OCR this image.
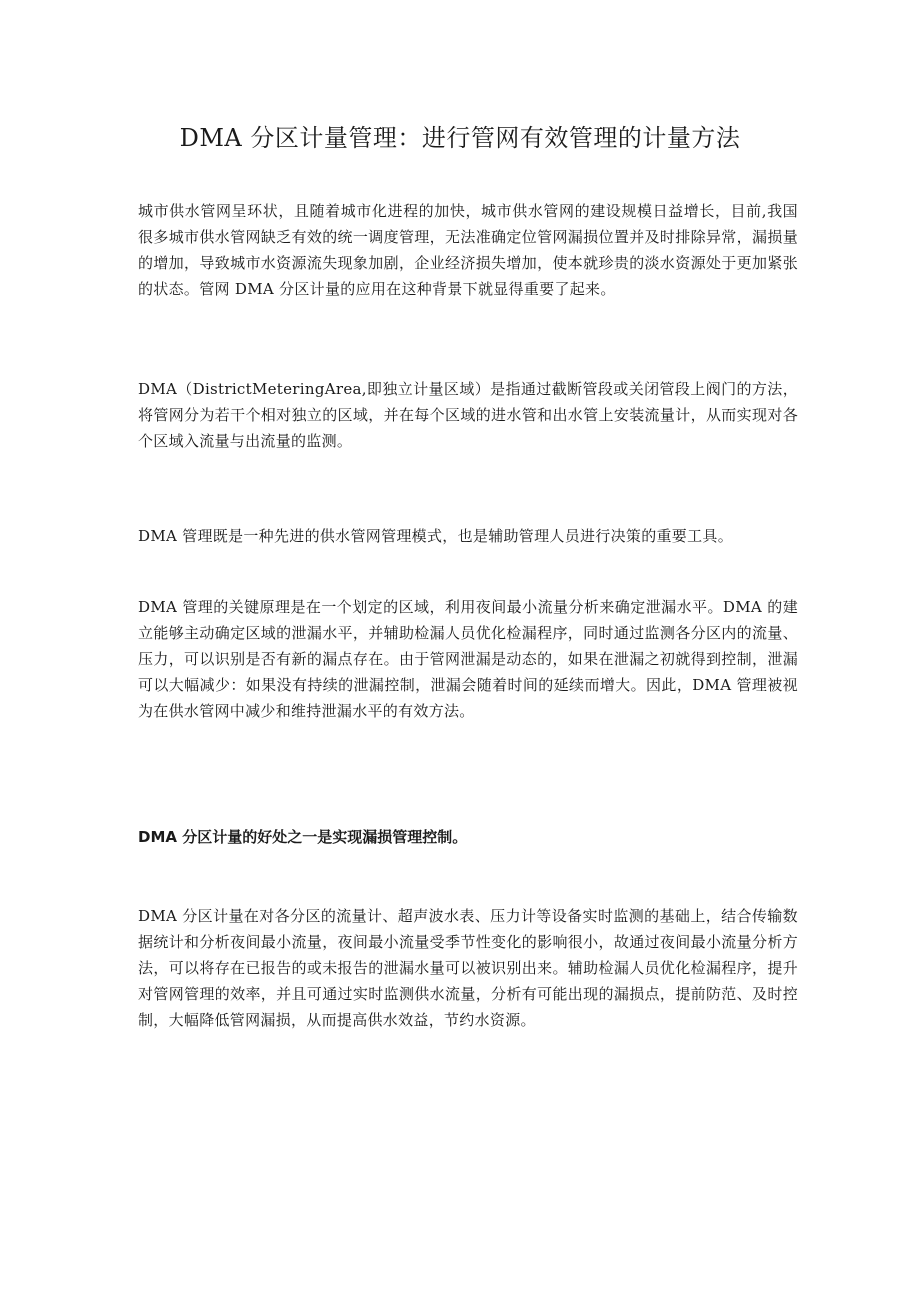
DMA 分区计量管理：进行管网有效管理的计量方法

城市供水管网呈环状，且随着城市化进程的加快，城市供水管网的建设规模日益增长，目前,我国很多城市供水管网缺乏有效的统一调度管理，无法准确定位管网漏损位置并及时排除异常，漏损量的增加，导致城市水资源流失现象加剧，企业经济损失增加，使本就珍贵的淡水资源处于更加紧张的状态。管网 DMA 分区计量的应用在这种背景下就显得重要了起来。

DMA（DistrictMeteringArea,即独立计量区域）是指通过截断管段或关闭管段上阀门的方法，将管网分为若干个相对独立的区域，并在每个区域的进水管和出水管上安装流量计，从而实现对各个区域入流量与出流量的监测。

DMA 管理既是一种先进的供水管网管理模式，也是辅助管理人员进行决策的重要工具。

DMA 管理的关键原理是在一个划定的区域，利用夜间最小流量分析来确定泄漏水平。DMA 的建立能够主动确定区域的泄漏水平，并辅助检漏人员优化检漏程序，同时通过监测各分区内的流量、压力，可以识别是否有新的漏点存在。由于管网泄漏是动态的，如果在泄漏之初就得到控制，泄漏可以大幅减少：如果没有持续的泄漏控制，泄漏会随着时间的延续而增大。因此，DMA 管理被视为在供水管网中减少和维持泄漏水平的有效方法。

DMA 分区计量的好处之一是实现漏损管理控制。

DMA 分区计量在对各分区的流量计、超声波水表、压力计等设备实时监测的基础上，结合传输数据统计和分析夜间最小流量，夜间最小流量受季节性变化的影响很小，故通过夜间最小流量分析方法，可以将存在已报告的或未报告的泄漏水量可以被识别出来。辅助检漏人员优化检漏程序，提升对管网管理的效率，并且可通过实时监测供水流量，分析有可能出现的漏损点，提前防范、及时控制，大幅降低管网漏损，从而提高供水效益，节约水资源。
